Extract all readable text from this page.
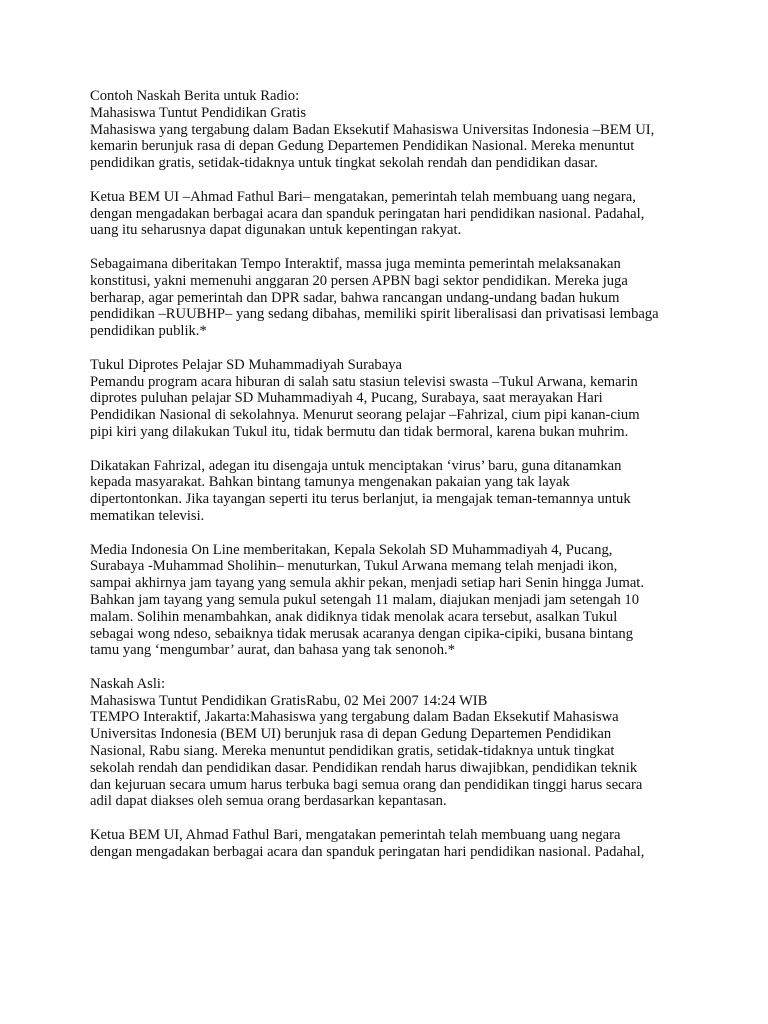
Contoh Naskah Berita untuk Radio:
Mahasiswa Tuntut Pendidikan Gratis
Mahasiswa yang tergabung dalam Badan Eksekutif Mahasiswa Universitas Indonesia –BEM UI,
kemarin berunjuk rasa di depan Gedung Departemen Pendidikan Nasional. Mereka menuntut
pendidikan gratis, setidak-tidaknya untuk tingkat sekolah rendah dan pendidikan dasar.
Ketua BEM UI –Ahmad Fathul Bari– mengatakan, pemerintah telah membuang uang negara,
dengan mengadakan berbagai acara dan spanduk peringatan hari pendidikan nasional. Padahal,
uang itu seharusnya dapat digunakan untuk kepentingan rakyat.
Sebagaimana diberitakan Tempo Interaktif, massa juga meminta pemerintah melaksanakan
konstitusi, yakni memenuhi anggaran 20 persen APBN bagi sektor pendidikan. Mereka juga
berharap, agar pemerintah dan DPR sadar, bahwa rancangan undang-undang badan hukum
pendidikan –RUUBHP– yang sedang dibahas, memiliki spirit liberalisasi dan privatisasi lembaga
pendidikan publik.*
Tukul Diprotes Pelajar SD Muhammadiyah Surabaya
Pemandu program acara hiburan di salah satu stasiun televisi swasta –Tukul Arwana, kemarin
diprotes puluhan pelajar SD Muhammadiyah 4, Pucang, Surabaya, saat merayakan Hari
Pendidikan Nasional di sekolahnya. Menurut seorang pelajar –Fahrizal, cium pipi kanan-cium
pipi kiri yang dilakukan Tukul itu, tidak bermutu dan tidak bermoral, karena bukan muhrim.
Dikatakan Fahrizal, adegan itu disengaja untuk menciptakan ‘virus’ baru, guna ditanamkan
kepada masyarakat. Bahkan bintang tamunya mengenakan pakaian yang tak layak
dipertontonkan. Jika tayangan seperti itu terus berlanjut, ia mengajak teman-temannya untuk
mematikan televisi.
Media Indonesia On Line memberitakan, Kepala Sekolah SD Muhammadiyah 4, Pucang,
Surabaya -Muhammad Sholihin– menuturkan, Tukul Arwana memang telah menjadi ikon,
sampai akhirnya jam tayang yang semula akhir pekan, menjadi setiap hari Senin hingga Jumat.
Bahkan jam tayang yang semula pukul setengah 11 malam, diajukan menjadi jam setengah 10
malam. Solihin menambahkan, anak didiknya tidak menolak acara tersebut, asalkan Tukul
sebagai wong ndeso, sebaiknya tidak merusak acaranya dengan cipika-cipiki, busana bintang
tamu yang ‘mengumbar’ aurat, dan bahasa yang tak senonoh.*
Naskah Asli:
Mahasiswa Tuntut Pendidikan GratisRabu, 02 Mei 2007 14:24 WIB
TEMPO Interaktif, Jakarta:Mahasiswa yang tergabung dalam Badan Eksekutif Mahasiswa
Universitas Indonesia (BEM UI) berunjuk rasa di depan Gedung Departemen Pendidikan
Nasional, Rabu siang. Mereka menuntut pendidikan gratis, setidak-tidaknya untuk tingkat
sekolah rendah dan pendidikan dasar. Pendidikan rendah harus diwajibkan, pendidikan teknik
dan kejuruan secara umum harus terbuka bagi semua orang dan pendidikan tinggi harus secara
adil dapat diakses oleh semua orang berdasarkan kepantasan.
Ketua BEM UI, Ahmad Fathul Bari, mengatakan pemerintah telah membuang uang negara
dengan mengadakan berbagai acara dan spanduk peringatan hari pendidikan nasional. Padahal,
